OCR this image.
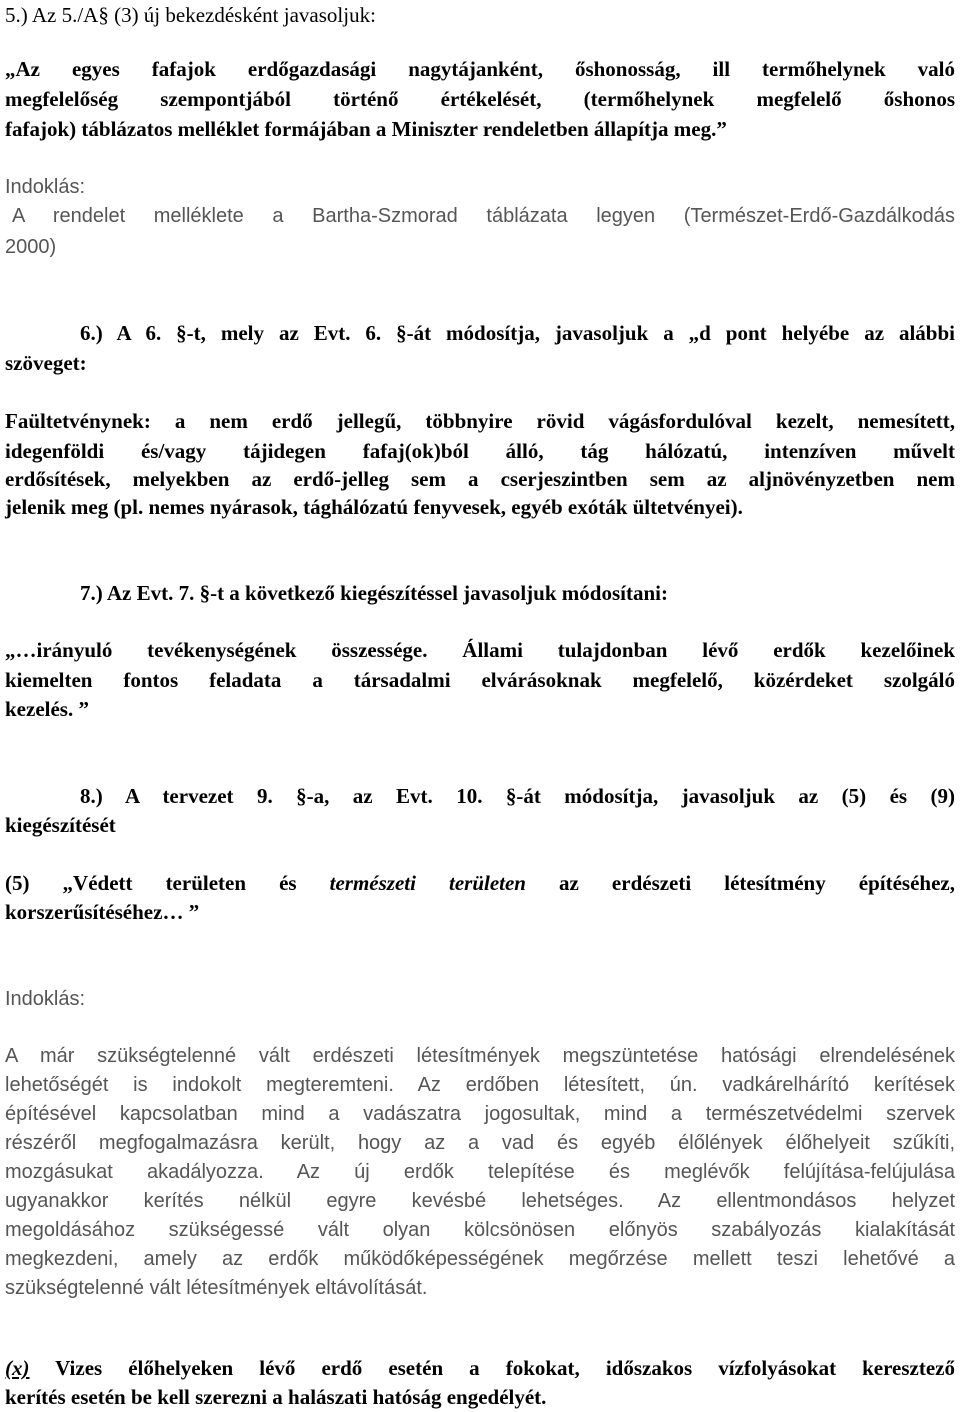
5.) Az 5./A§ (3) új bekezdésként javasoljuk:
„Az egyes fafajok erdőgazdasági nagytájanként, őshonosság, ill termőhelynek való
megfelelőség szempontjából történő értékelését, (termőhelynek megfelelő őshonos
fafajok) táblázatos melléklet formájában a Miniszter rendeletben állapítja meg.”
Indoklás:
A rendelet melléklete a Bartha-Szmorad táblázata legyen (Természet-Erdő-Gazdálkodás
2000)
6.) A 6. §-t, mely az Evt. 6. §-át módosítja, javasoljuk a „d pont helyébe az alábbi
szöveget:
Faültetvénynek: a nem erdő jellegű, többnyire rövid vágásfordulóval kezelt, nemesített,
idegenföldi és/vagy tájidegen fafaj(ok)ból álló, tág hálózatú, intenzíven művelt
erdősítések, melyekben az erdő-jelleg sem a cserjeszintben sem az aljnövényzetben nem
jelenik meg (pl. nemes nyárasok, tághálózatú fenyvesek, egyéb exóták ültetvényei).
7.) Az Evt. 7. §-t a következő kiegészítéssel javasoljuk módosítani:
„…irányuló tevékenységének összessége. Állami tulajdonban lévő erdők kezelőinek
kiemelten fontos feladata a társadalmi elvárásoknak megfelelő, közérdeket szolgáló
kezelés. ”
8.) A tervezet 9. §-a, az Evt. 10. §-át módosítja, javasoljuk az (5) és (9)
kiegészítését
(5) „Védett területen és természeti területen az erdészeti létesítmény építéséhez,
korszerűsítéséhez… ”
Indoklás:
A már szükségtelenné vált erdészeti létesítmények megszüntetése hatósági elrendelésének
lehetőségét is indokolt megteremteni. Az erdőben létesített, ún. vadkárelhárító kerítések
építésével kapcsolatban mind a vadászatra jogosultak, mind a természetvédelmi szervek
részéről megfogalmazásra került, hogy az a vad és egyéb élőlények élőhelyeit szűkíti,
mozgásukat akadályozza. Az új erdők telepítése és meglévők felújítása-felújulása
ugyanakkor kerítés nélkül egyre kevésbé lehetséges. Az ellentmondásos helyzet
megoldásához szükségessé vált olyan kölcsönösen előnyös szabályozás kialakítását
megkezdeni, amely az erdők működőképességének megőrzése mellett teszi lehetővé a
szükségtelenné vált létesítmények eltávolítását.
(x) Vizes élőhelyeken lévő erdő esetén a fokokat, időszakos vízfolyásokat keresztező
kerítés esetén be kell szerezni a halászati hatóság engedélyét.
